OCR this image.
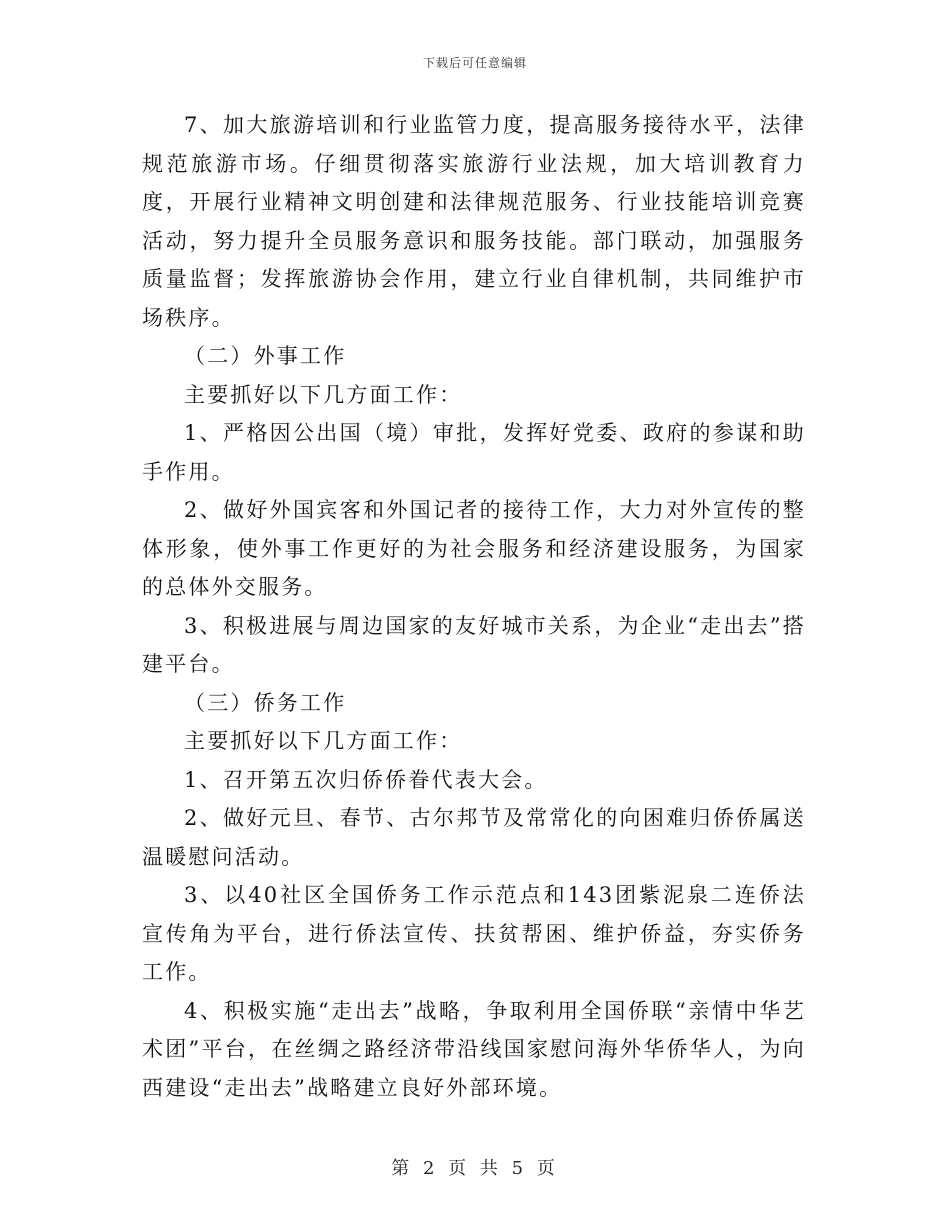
下载后可任意编辑

7、加大旅游培训和行业监管力度，提高服务接待水平，法律规范旅游市场。仔细贯彻落实旅游行业法规，加大培训教育力度，开展行业精神文明创建和法律规范服务、行业技能培训竞赛活动，努力提升全员服务意识和服务技能。部门联动，加强服务质量监督；发挥旅游协会作用，建立行业自律机制，共同维护市场秩序。

（二）外事工作

主要抓好以下几方面工作：

1、严格因公出国（境）审批，发挥好党委、政府的参谋和助手作用。

2、做好外国宾客和外国记者的接待工作，大力对外宣传的整体形象，使外事工作更好的为社会服务和经济建设服务，为国家的总体外交服务。

3、积极进展与周边国家的友好城市关系，为企业“走出去”搭建平台。

（三）侨务工作

主要抓好以下几方面工作：

1、召开第五次归侨侨眷代表大会。

2、做好元旦、春节、古尔邦节及常常化的向困难归侨侨属送温暖慰问活动。

3、以40社区全国侨务工作示范点和143团紫泥泉二连侨法宣传角为平台，进行侨法宣传、扶贫帮困、维护侨益，夯实侨务工作。

4、积极实施“走出去”战略，争取利用全国侨联“亲情中华艺术团”平台，在丝绸之路经济带沿线国家慰问海外华侨华人，为向西建设“走出去”战略建立良好外部环境。

第 2 页 共 5 页
